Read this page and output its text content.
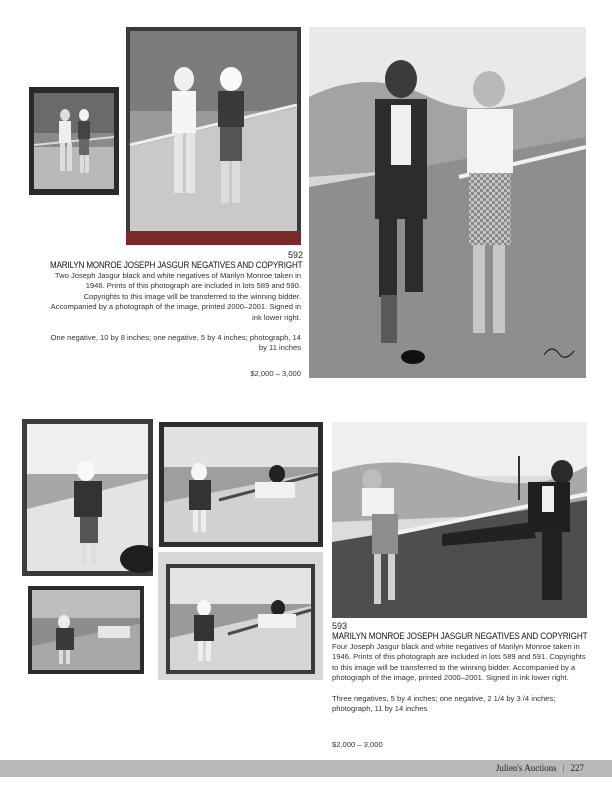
592
MARILYN MONROE JOSEPH JASGUR NEGATIVES AND COPYRIGHT

Two Joseph Jasgur black and white negatives of Marilyn Monroe taken in 1946. Prints of this photograph are included in lots 589 and 590. Copyrights to this image will be transferred to the winning bidder. Accompanied by a photograph of the image, printed 2000–2001. Signed in ink lower right.

One negative, 10 by 8 inches; one negative, 5 by 4 inches; photograph, 14 by 11 inches

$2,000 – 3,000
593
MARILYN MONROE JOSEPH JASGUR NEGATIVES AND COPYRIGHT

Four Joseph Jasgur black and white negatives of Marilyn Monroe taken in 1946. Prints of this photograph are included in lots 589 and 591. Copyrights to this image will be transferred to the winning bidder. Accompanied by a photograph of the image, printed 2000–2001. Signed in ink lower right.

Three negatives, 5 by 4 inches; one negative, 2 1/4 by 3 /4 inches; photograph, 11 by 14 inches

$2,000 – 3,000
Julien's Auctions | 227
